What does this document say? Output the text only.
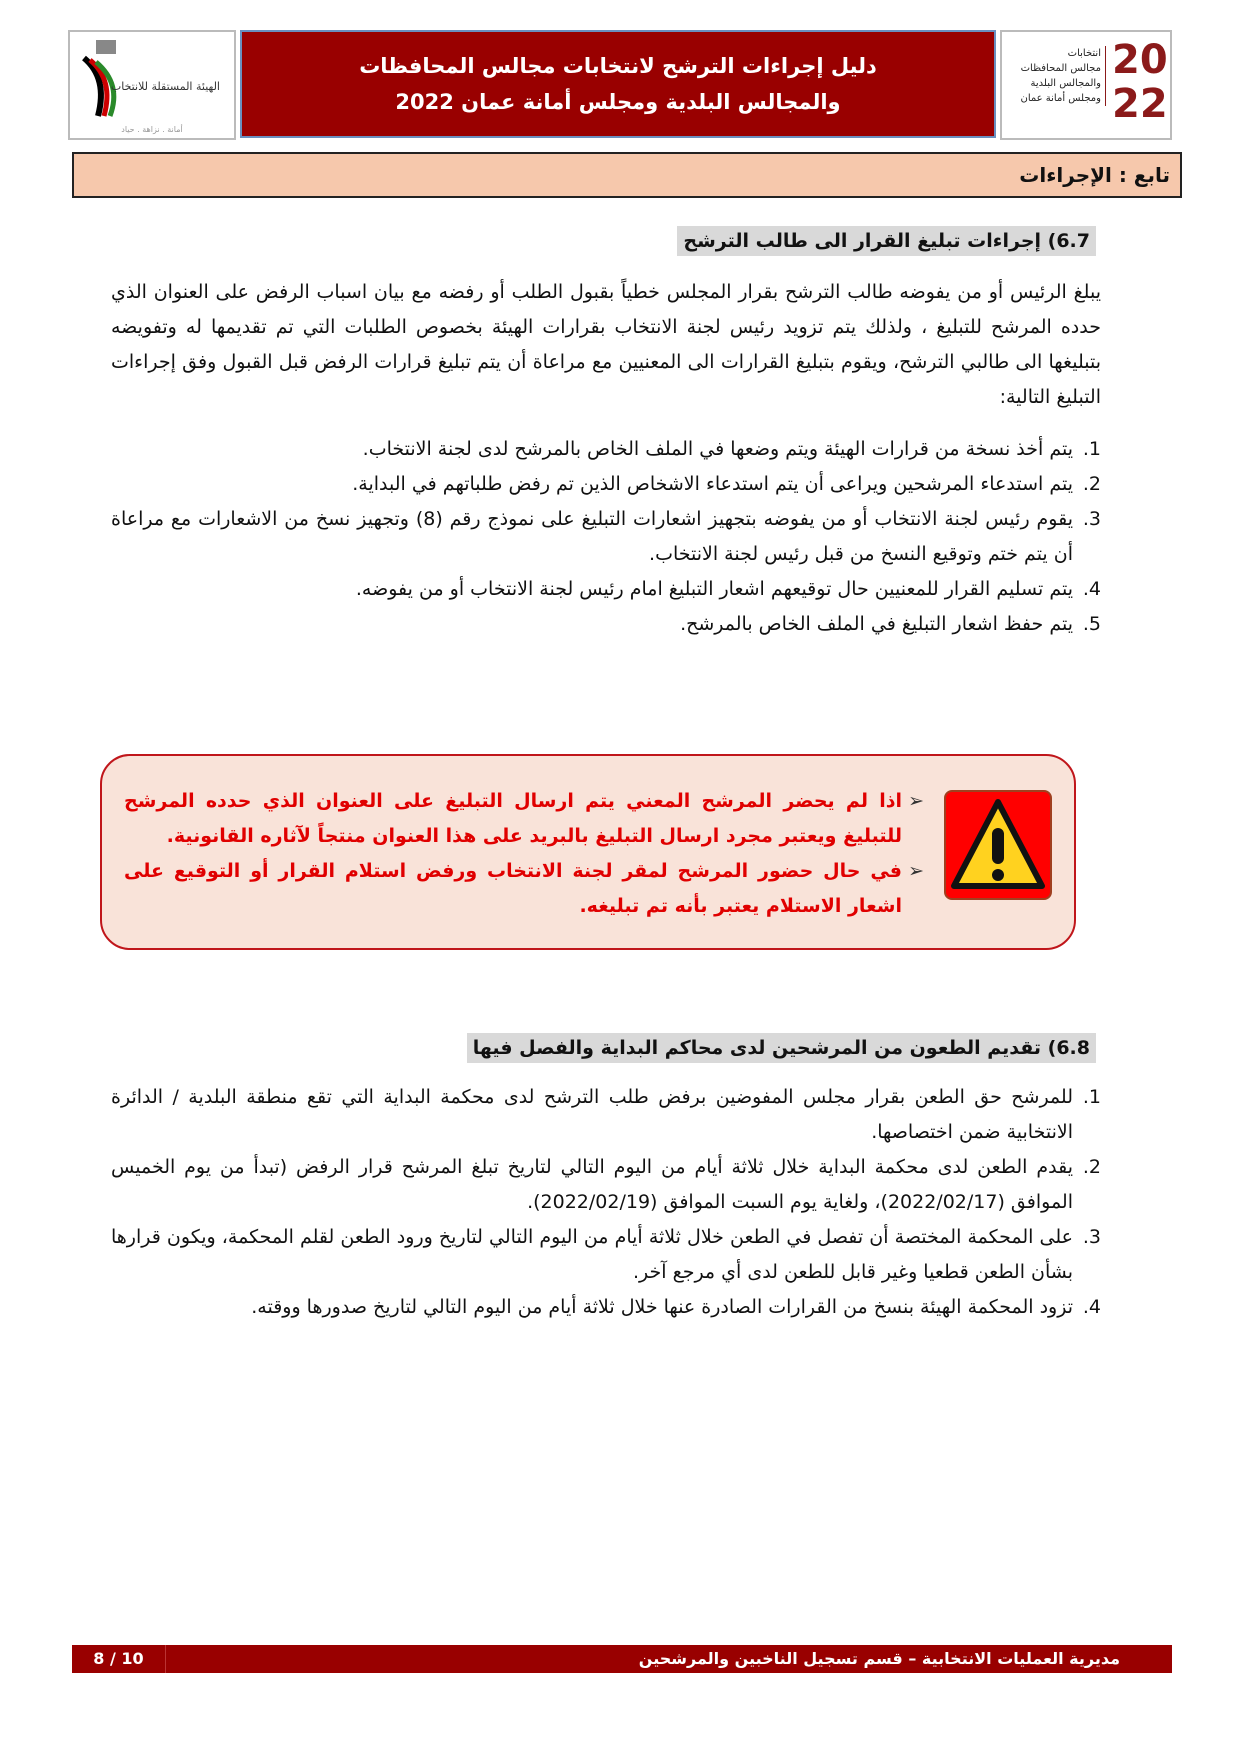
الهيئة المستقلة للانتخاب
أمانة . نزاهة . حياد
دليل إجراءات الترشح لانتخابات مجالس المحافظات
والمجالس البلدية ومجلس أمانة عمان 2022
20
22
انتخابات
مجالس المحافظات
والمجالس البلدية
ومجلس أمانة عمان
تابع : الإجراءات
6.7) إجراءات تبليغ القرار الى طالب الترشح
يبلغ الرئيس أو من يفوضه طالب الترشح بقرار المجلس خطياً بقبول الطلب أو رفضه مع بيان اسباب الرفض على العنوان الذي حدده المرشح للتبليغ ، ولذلك يتم تزويد رئيس لجنة الانتخاب بقرارات الهيئة بخصوص الطلبات التي تم تقديمها له وتفويضه بتبليغها الى طالبي الترشح، ويقوم بتبليغ القرارات الى المعنيين مع مراعاة أن يتم تبليغ قرارات الرفض قبل القبول وفق إجراءات التبليغ التالية:
1.
يتم أخذ نسخة من قرارات الهيئة ويتم وضعها في الملف الخاص بالمرشح لدى لجنة الانتخاب.
2.
يتم استدعاء المرشحين ويراعى أن يتم استدعاء الاشخاص الذين تم رفض طلباتهم في البداية.
3.
يقوم رئيس لجنة الانتخاب أو من يفوضه بتجهيز اشعارات التبليغ على نموذج رقم (8) وتجهيز نسخ من الاشعارات مع مراعاة أن يتم ختم وتوقيع النسخ من قبل رئيس لجنة الانتخاب.
4.
يتم تسليم القرار للمعنيين حال توقيعهم اشعار التبليغ امام رئيس لجنة الانتخاب أو من يفوضه.
5.
يتم حفظ اشعار التبليغ في الملف الخاص بالمرشح.
➢
اذا لم يحضر المرشح المعني يتم ارسال التبليغ على العنوان الذي حدده المرشح للتبليغ ويعتبر مجرد ارسال التبليغ بالبريد على هذا العنوان منتجاً لآثاره القانونية.
➢
في حال حضور المرشح لمقر لجنة الانتخاب ورفض استلام القرار أو التوقيع على اشعار الاستلام يعتبر بأنه تم تبليغه.
6.8) تقديم الطعون من المرشحين لدى محاكم البداية والفصل فيها
1.
للمرشح حق الطعن بقرار مجلس المفوضين برفض طلب الترشح لدى محكمة البداية التي تقع منطقة البلدية / الدائرة الانتخابية ضمن اختصاصها.
2.
يقدم الطعن لدى محكمة البداية خلال ثلاثة أيام من اليوم التالي لتاريخ تبلغ المرشح قرار الرفض (تبدأ من يوم الخميس الموافق (2022/02/17)، ولغاية يوم السبت الموافق (2022/02/19).
3.
على المحكمة المختصة أن تفصل في الطعن خلال ثلاثة أيام من اليوم التالي لتاريخ ورود الطعن لقلم المحكمة، ويكون قرارها بشأن الطعن قطعيا وغير قابل للطعن لدى أي مرجع آخر.
4.
تزود المحكمة الهيئة بنسخ من القرارات الصادرة عنها خلال ثلاثة أيام من اليوم التالي لتاريخ صدورها ووقته.
8 / 10	مديرية العمليات الانتخابية – قسم تسجيل الناخبين والمرشحين
